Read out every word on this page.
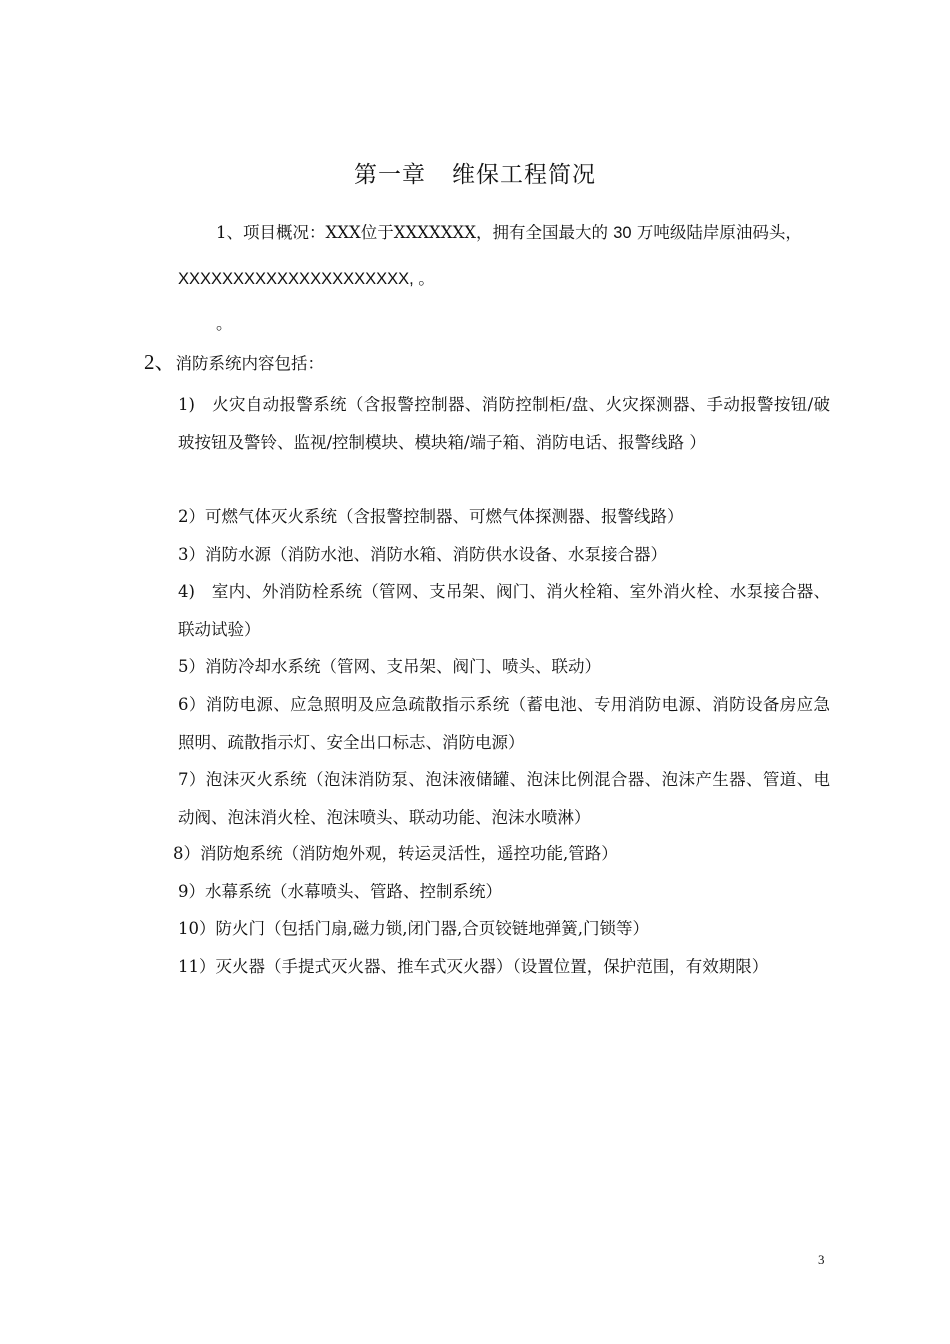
第一章 维保工程简况
1、项目概况：XXX位于XXXXXXX，拥有全国最大的 30 万吨级陆岸原油码头，
XXXXXXXXXXXXXXXXXXXXX, 。
。
2、消防系统内容包括：
1)　火灾自动报警系统（含报警控制器、消防控制柜/盘、火灾探测器、手动报警按钮/破玻按钮及警铃、监视/控制模块、模块箱/端子箱、消防电话、报警线路 ）
2）可燃气体灭火系统（含报警控制器、可燃气体探测器、报警线路）
3）消防水源（消防水池、消防水箱、消防供水设备、水泵接合器）
4)　室内、外消防栓系统（管网、支吊架、阀门、消火栓箱、室外消火栓、水泵接合器、联动试验）
5）消防冷却水系统（管网、支吊架、阀门、喷头、联动）
6）消防电源、应急照明及应急疏散指示系统（蓄电池、专用消防电源、消防设备房应急照明、疏散指示灯、安全出口标志、消防电源）
7）泡沫灭火系统（泡沫消防泵、泡沫液储罐、泡沫比例混合器、泡沫产生器、管道、电动阀、泡沫消火栓、泡沫喷头、联动功能、泡沫水喷淋）
8）消防炮系统（消防炮外观，转运灵活性，遥控功能,管路）
9）水幕系统（水幕喷头、管路、控制系统）
10）防火门（包括门扇,磁力锁,闭门器,合页铰链地弹簧,门锁等）
11）灭火器（手提式灭火器、推车式灭火器）（设置位置，保护范围，有效期限）
3
